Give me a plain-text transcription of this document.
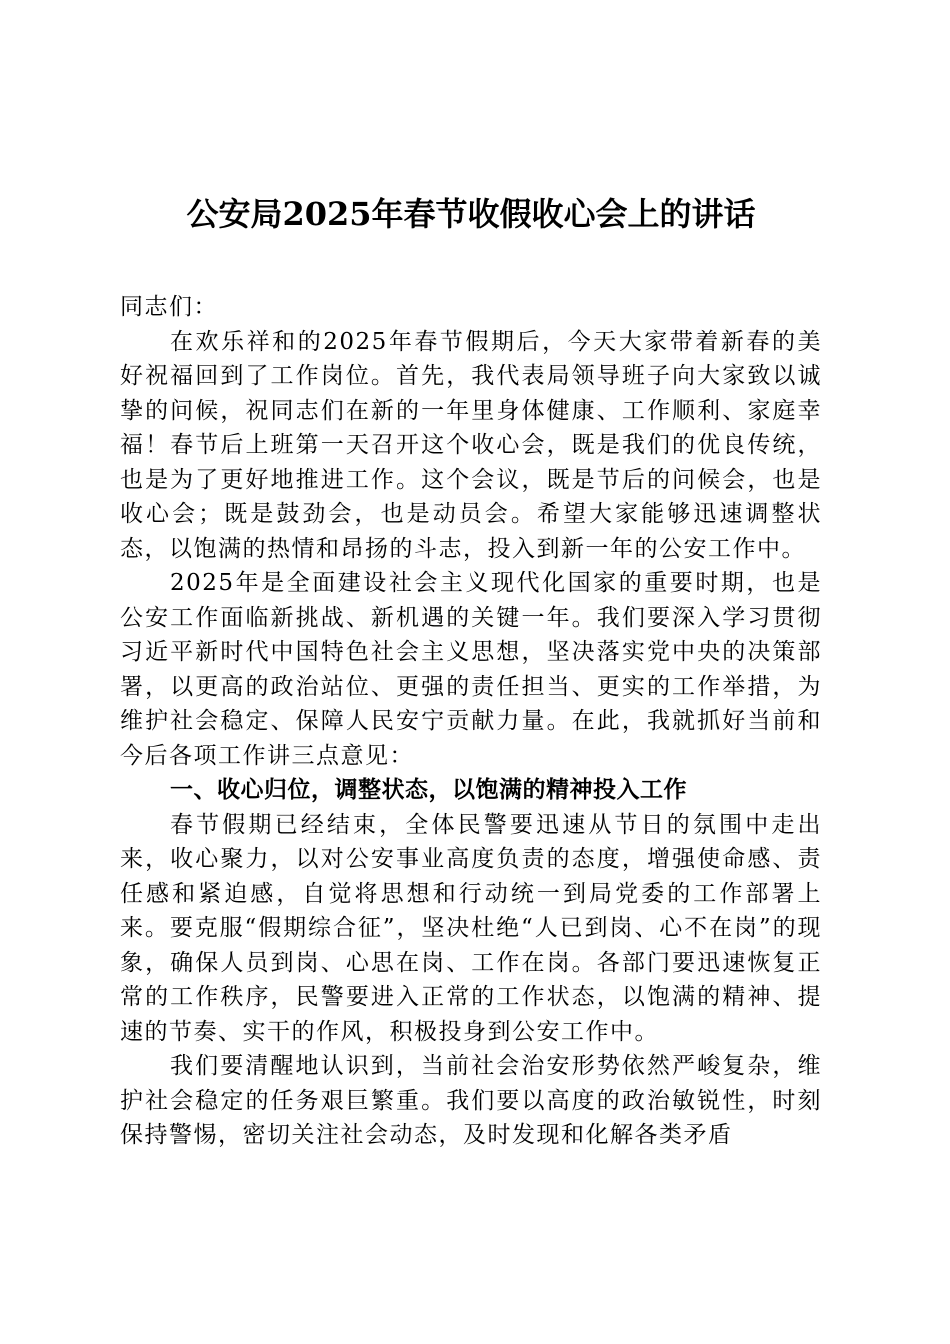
公安局2025年春节收假收心会上的讲话

同志们：

在欢乐祥和的2025年春节假期后，今天大家带着新春的美好祝福回到了工作岗位。首先，我代表局领导班子向大家致以诚挚的问候，祝同志们在新的一年里身体健康、工作顺利、家庭幸福！春节后上班第一天召开这个收心会，既是我们的优良传统，也是为了更好地推进工作。这个会议，既是节后的问候会，也是收心会；既是鼓劲会，也是动员会。希望大家能够迅速调整状态，以饱满的热情和昂扬的斗志，投入到新一年的公安工作中。

2025年是全面建设社会主义现代化国家的重要时期，也是公安工作面临新挑战、新机遇的关键一年。我们要深入学习贯彻习近平新时代中国特色社会主义思想，坚决落实党中央的决策部署，以更高的政治站位、更强的责任担当、更实的工作举措，为维护社会稳定、保障人民安宁贡献力量。在此，我就抓好当前和今后各项工作讲三点意见：

一、收心归位，调整状态，以饱满的精神投入工作

春节假期已经结束，全体民警要迅速从节日的氛围中走出来，收心聚力，以对公安事业高度负责的态度，增强使命感、责任感和紧迫感，自觉将思想和行动统一到局党委的工作部署上来。要克服“假期综合征”，坚决杜绝“人已到岗、心不在岗”的现象，确保人员到岗、心思在岗、工作在岗。各部门要迅速恢复正常的工作秩序，民警要进入正常的工作状态，以饱满的精神、提速的节奏、实干的作风，积极投身到公安工作中。

我们要清醒地认识到，当前社会治安形势依然严峻复杂，维护社会稳定的任务艰巨繁重。我们要以高度的政治敏锐性，时刻保持警惕，密切关注社会动态，及时发现和化解各类矛盾
